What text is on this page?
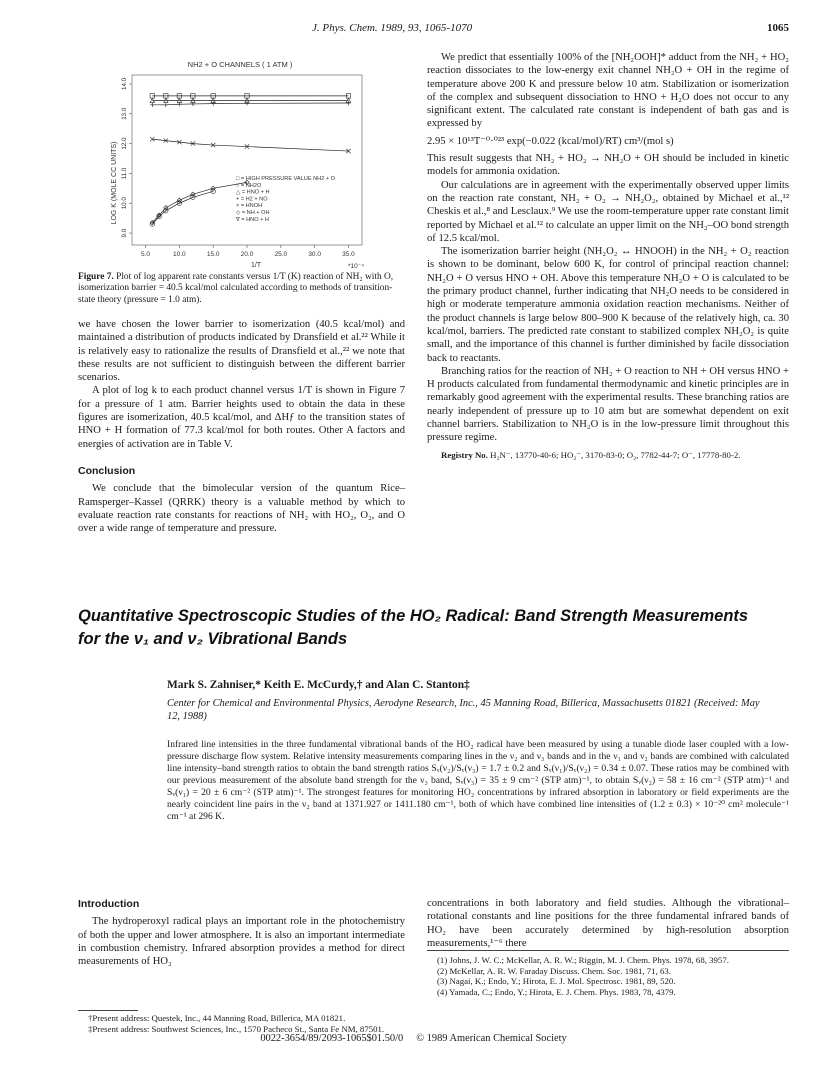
J. Phys. Chem. 1989, 93, 1065-1070	1065
NH2 + O CHANNELS ( 1 ATM )
LOG K (MOLE CC UNITS)
1/T	*10⁻⁴
5.0	10.0	15.0	20.0	25.0	30.0	35.0
9.0
10.0
11.0
12.0
13.0
14.0
□ = HIGH PRESSURE VALUE NH2 + O
○ = NH2O
△ = HNO + H
+ = H2 + NO
× = HNOH
◇ = NH + OH
∇ = HNO + H
Figure 7. Plot of log apparent rate constants versus 1/T (K) reaction of NH₂ with O, isomerization barrier = 40.5 kcal/mol calculated according to methods of transition-state theory (pressure = 1.0 atm).

we have chosen the lower barrier to isomerization (40.5 kcal/mol) and maintained a distribution of products indicated by Dransfield et al.²² While it is relatively easy to rationalize the results of Dransfield et al.,²² we note that these results are not sufficient to distinguish between the different barrier scenarios.

A plot of log k to each product channel versus 1/T is shown in Figure 7 for a pressure of 1 atm. Barrier heights used to obtain the data in these figures are isomerization, 40.5 kcal/mol, and ΔHƒ to the transition states of HNO + H formation of 77.3 kcal/mol for both routes. Other A factors and energies of activation are in Table V.

Conclusion

We conclude that the bimolecular version of the quantum Rice–Ramsperger–Kassel (QRRK) theory is a valuable method by which to evaluate reaction rate constants for reactions of NH₂ with HO₂, O₂, and O over a wide range of temperature and pressure.

We predict that essentially 100% of the [NH₂OOH]* adduct from the NH₂ + HO₂ reaction dissociates to the low-energy exit channel NH₂O + OH in the regime of temperature above 200 K and pressure below 10 atm. Stabilization or isomerization of the complex and subsequent dissociation to HNO + H₂O does not occur to any significant extent. The calculated rate constant is independent of bath gas and is expressed by

2.95 × 10¹³T⁻⁰·⁰²³ exp(−0.022 (kcal/mol)/RT) cm³/(mol s)

This result suggests that NH₂ + HO₂ → NH₂O + OH should be included in kinetic models for ammonia oxidation.

Our calculations are in agreement with the experimentally observed upper limits on the reaction rate constant, NH₂ + O₂ → NH₂O₂, obtained by Michael et al.,¹² Cheskis et al.,⁸ and Lesclaux.⁹ We use the room-temperature upper rate constant limit reported by Michael et al.¹² to calculate an upper limit on the NH₂–OO bond strength of 12.5 kcal/mol.

The isomerization barrier height (NH₂O₂ ↔ HNOOH) in the NH₂ + O₂ reaction is shown to be dominant, below 600 K, for control of principal reaction channel: NH₂O + O versus HNO + OH. Above this temperature NH₂O + O is calculated to be the primary product channel, further indicating that NH₂O needs to be considered in high or moderate temperature ammonia oxidation reaction mechanisms. Neither of the product channels is large below 800–900 K because of the relatively high, ca. 30 kcal/mol, barriers. The predicted rate constant to stabilized complex NH₂O₂ is quite small, and the importance of this channel is further diminished by facile dissociation back to reactants.

Branching ratios for the reaction of NH₂ + O reaction to NH + OH versus HNO + H products calculated from fundamental thermodynamic and kinetic principles are in remarkably good agreement with the experimental results. These branching ratios are nearly independent of pressure up to 10 atm but are somewhat dependent on exit channel barriers. Stabilization to NH₂O is in the low-pressure limit throughout this pressure regime.

Registry No. H₂N⁻, 13770-40-6; HO₂⁻, 3170-83-0; O₂, 7782-44-7; O⁻, 17778-80-2.
Quantitative Spectroscopic Studies of the HO₂ Radical: Band Strength Measurements
for the ν₁ and ν₂ Vibrational Bands
Mark S. Zahniser,* Keith E. McCurdy,† and Alan C. Stanton‡
Center for Chemical and Environmental Physics, Aerodyne Research, Inc., 45 Manning Road, Billerica, Massachusetts 01821 (Received: May 12, 1988)
Infrared line intensities in the three fundamental vibrational bands of the HO₂ radical have been measured by using a tunable diode laser coupled with a low-pressure discharge flow system. Relative intensity measurements comparing lines in the ν₂ and ν₃ bands and in the ν₁ and ν₂ bands are combined with calculated line intensity–band strength ratios to obtain the band strength ratios Sᵥ(ν₂)/Sᵥ(ν₃) = 1.7 ± 0.2 and Sᵥ(ν₁)/Sᵥ(ν₂) = 0.34 ± 0.07. These ratios may be combined with our previous measurement of the absolute band strength for the ν₃ band, Sᵥ(ν₃) = 35 ± 9 cm⁻² (STP atm)⁻¹, to obtain Sᵥ(ν₂) = 58 ± 16 cm⁻² (STP atm)⁻¹ and Sᵥ(ν₁) = 20 ± 6 cm⁻² (STP atm)⁻¹. The strongest features for monitoring HO₂ concentrations by infrared absorption in laboratory or field experiments are the nearly coincident line pairs in the ν₂ band at 1371.927 or 1411.180 cm⁻¹, both of which have combined line intensities of (1.2 ± 0.3) × 10⁻²⁰ cm² molecule⁻¹ cm⁻¹ at 296 K.
Introduction

The hydroperoxyl radical plays an important role in the photochemistry of both the upper and lower atmosphere. It is also an important intermediate in combustion chemistry. Infrared absorption provides a method for direct measurements of HO₂

†Present address: Questek, Inc., 44 Manning Road, Billerica, MA 01821.
‡Present address: Southwest Sciences, Inc., 1570 Pacheco St., Santa Fe NM, 87501.

concentrations in both laboratory and field studies. Although the vibrational–rotational constants and line positions for the three fundamental infrared bands of HO₂ have been accurately determined by high-resolution absorption measurements,¹⁻⁶ there

(1) Johns, J. W. C.; McKellar, A. R. W.; Riggin, M. J. Chem. Phys. 1978, 68, 3957.
(2) McKellar, A. R. W. Faraday Discuss. Chem. Soc. 1981, 71, 63.
(3) Nagai, K.; Endo, Y.; Hirota, E. J. Mol. Spectrosc. 1981, 89, 520.
(4) Yamada, C.; Endo, Y.; Hirota, E. J. Chem. Phys. 1983, 78, 4379.
0022-3654/89/2093-1065$01.50/0 © 1989 American Chemical Society
